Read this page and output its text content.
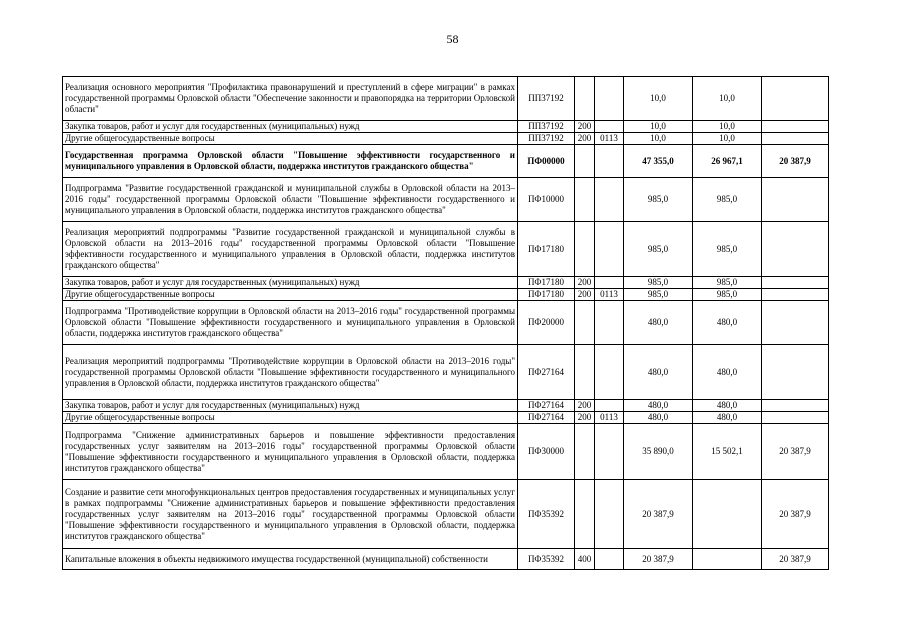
58
Реализация основного мероприятия "Профилактика правонарушений и преступлений в сфере миграции" в рамках государственной программы Орловской области "Обеспечение законности и правопорядка на территории Орловской области"	ПП37192			10,0	10,0	
Закупка товаров, работ и услуг для государственных (муниципальных) нужд	ПП37192	200		10,0	10,0	
Другие общегосударственные вопросы	ПП37192	200	0113	10,0	10,0	
Государственная программа Орловской области "Повышение эффективности государственного и муниципального управления в Орловской области, поддержка институтов гражданского общества"	ПФ00000			47 355,0	26 967,1	20 387,9
Подпрограмма "Развитие государственной гражданской и муниципальной службы в Орловской области на 2013–2016 годы" государственной программы Орловской области "Повышение эффективности государственного и муниципального управления в Орловской области, поддержка институтов гражданского общества"	ПФ10000			985,0	985,0	
Реализация мероприятий подпрограммы "Развитие государственной гражданской и муниципальной службы в Орловской области на 2013–2016 годы" государственной программы Орловской области "Повышение эффективности государственного и муниципального управления в Орловской области, поддержка институтов гражданского общества"	ПФ17180			985,0	985,0	
Закупка товаров, работ и услуг для государственных (муниципальных) нужд	ПФ17180	200		985,0	985,0	
Другие общегосударственные вопросы	ПФ17180	200	0113	985,0	985,0	
Подпрограмма "Противодействие коррупции в Орловской области на 2013–2016 годы" государственной программы Орловской области "Повышение эффективности государственного и муниципального управления в Орловской области, поддержка институтов гражданского общества"	ПФ20000			480,0	480,0	
Реализация мероприятий подпрограммы "Противодействие коррупции в Орловской области на 2013–2016 годы" государственной программы Орловской области "Повышение эффективности государственного и муниципального управления в Орловской области, поддержка институтов гражданского общества"	ПФ27164			480,0	480,0	
Закупка товаров, работ и услуг для государственных (муниципальных) нужд	ПФ27164	200		480,0	480,0	
Другие общегосударственные вопросы	ПФ27164	200	0113	480,0	480,0	
Подпрограмма "Снижение административных барьеров и повышение эффективности предоставления государственных услуг заявителям на 2013–2016 годы" государственной программы Орловской области "Повышение эффективности государственного и муниципального управления в Орловской области, поддержка институтов гражданского общества"	ПФ30000			35 890,0	15 502,1	20 387,9
Создание и развитие сети многофункциональных центров предоставления государственных и муниципальных услуг в рамках подпрограммы "Снижение административных барьеров и повышение эффективности предоставления государственных услуг заявителям на 2013–2016 годы" государственной программы Орловской области "Повышение эффективности государственного и муниципального управления в Орловской области, поддержка институтов гражданского общества"	ПФ35392			20 387,9		20 387,9
Капитальные вложения в объекты недвижимого имущества государственной (муниципальной) собственности	ПФ35392	400		20 387,9		20 387,9
